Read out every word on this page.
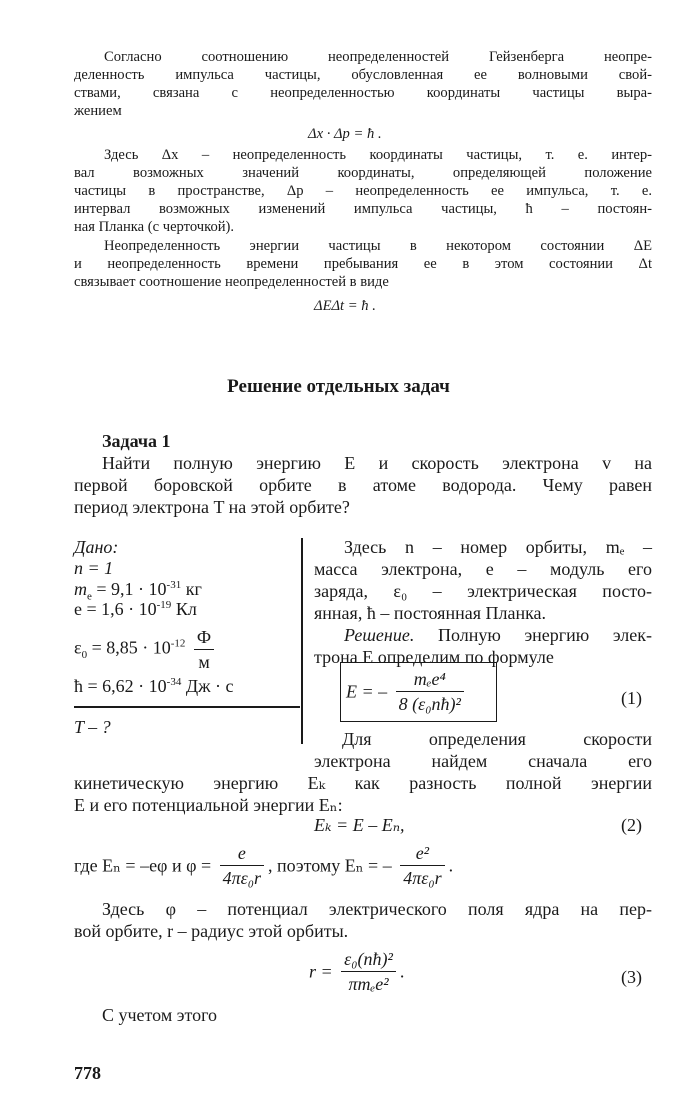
Согласно соотношению неопределенностей Гейзенберга неопре-
деленность импульса частицы, обусловленная ее волновыми свой-
ствами, связана с неопределенностью координаты частицы выра-
жением
Δx · Δp = ħ .
Здесь Δx – неопределенность координаты частицы, т. е. интер-
вал возможных значений координаты, определяющей положение
частицы в пространстве, Δp – неопределенность ее импульса, т. е.
интервал возможных изменений импульса частицы, ħ – постоян-
ная Планка (с черточкой).
Неопределенность энергии частицы в некотором состоянии ΔE
и неопределенность времени пребывания ее в этом состоянии Δt
связывает соотношение неопределенностей в виде
ΔEΔt = ħ .
Решение отдельных задач
Задача 1
Найти полную энергию E и скорость электрона v на
первой боровской орбите в атоме водорода. Чему равен
период электрона T на этой орбите?
Дано:
n = 1
$m_e = 9,1 \cdot 10^{-31}$ кг
$e = 1,6 \cdot 10^{-19}$ Кл
$\varepsilon_0 = 8,85 \cdot 10^{-12} \frac{Ф}{м}$
ħ = $6,62 \cdot 10^{-34}$ Дж · с
T – ?
Здесь n – номер орбиты, mₑ –
масса электрона, e – модуль его
заряда, ε₀ – электрическая посто-
янная, ħ – постоянная Планка.
Решение. Полную энергию элек-
трона E определим по формуле
E = – $\frac{\text{mₑe⁴}}{\text{8 (ε₀nħ)²}}$	(1)
Для определения скорости
электрона найдем сначала его
кинетическую энергию Eₖ как разность полной энергии
E и его потенциальной энергии Eₙ:
Eₖ = E – Eₙ,	(2)
где Eₙ = –eφ и $\varphi = \frac{e}{\text{4πε₀r}}$ , поэтому Eₙ = – $\frac{\text{e²}}{\text{4πε₀r}}$ .
Здесь φ – потенциал электрического поля ядра на пер-
вой орбите, r – радиус этой орбиты.
$r = \frac{\text{ε₀(nħ)²}}{\text{πmₑe²}}$ .	(3)
С учетом этого
778
